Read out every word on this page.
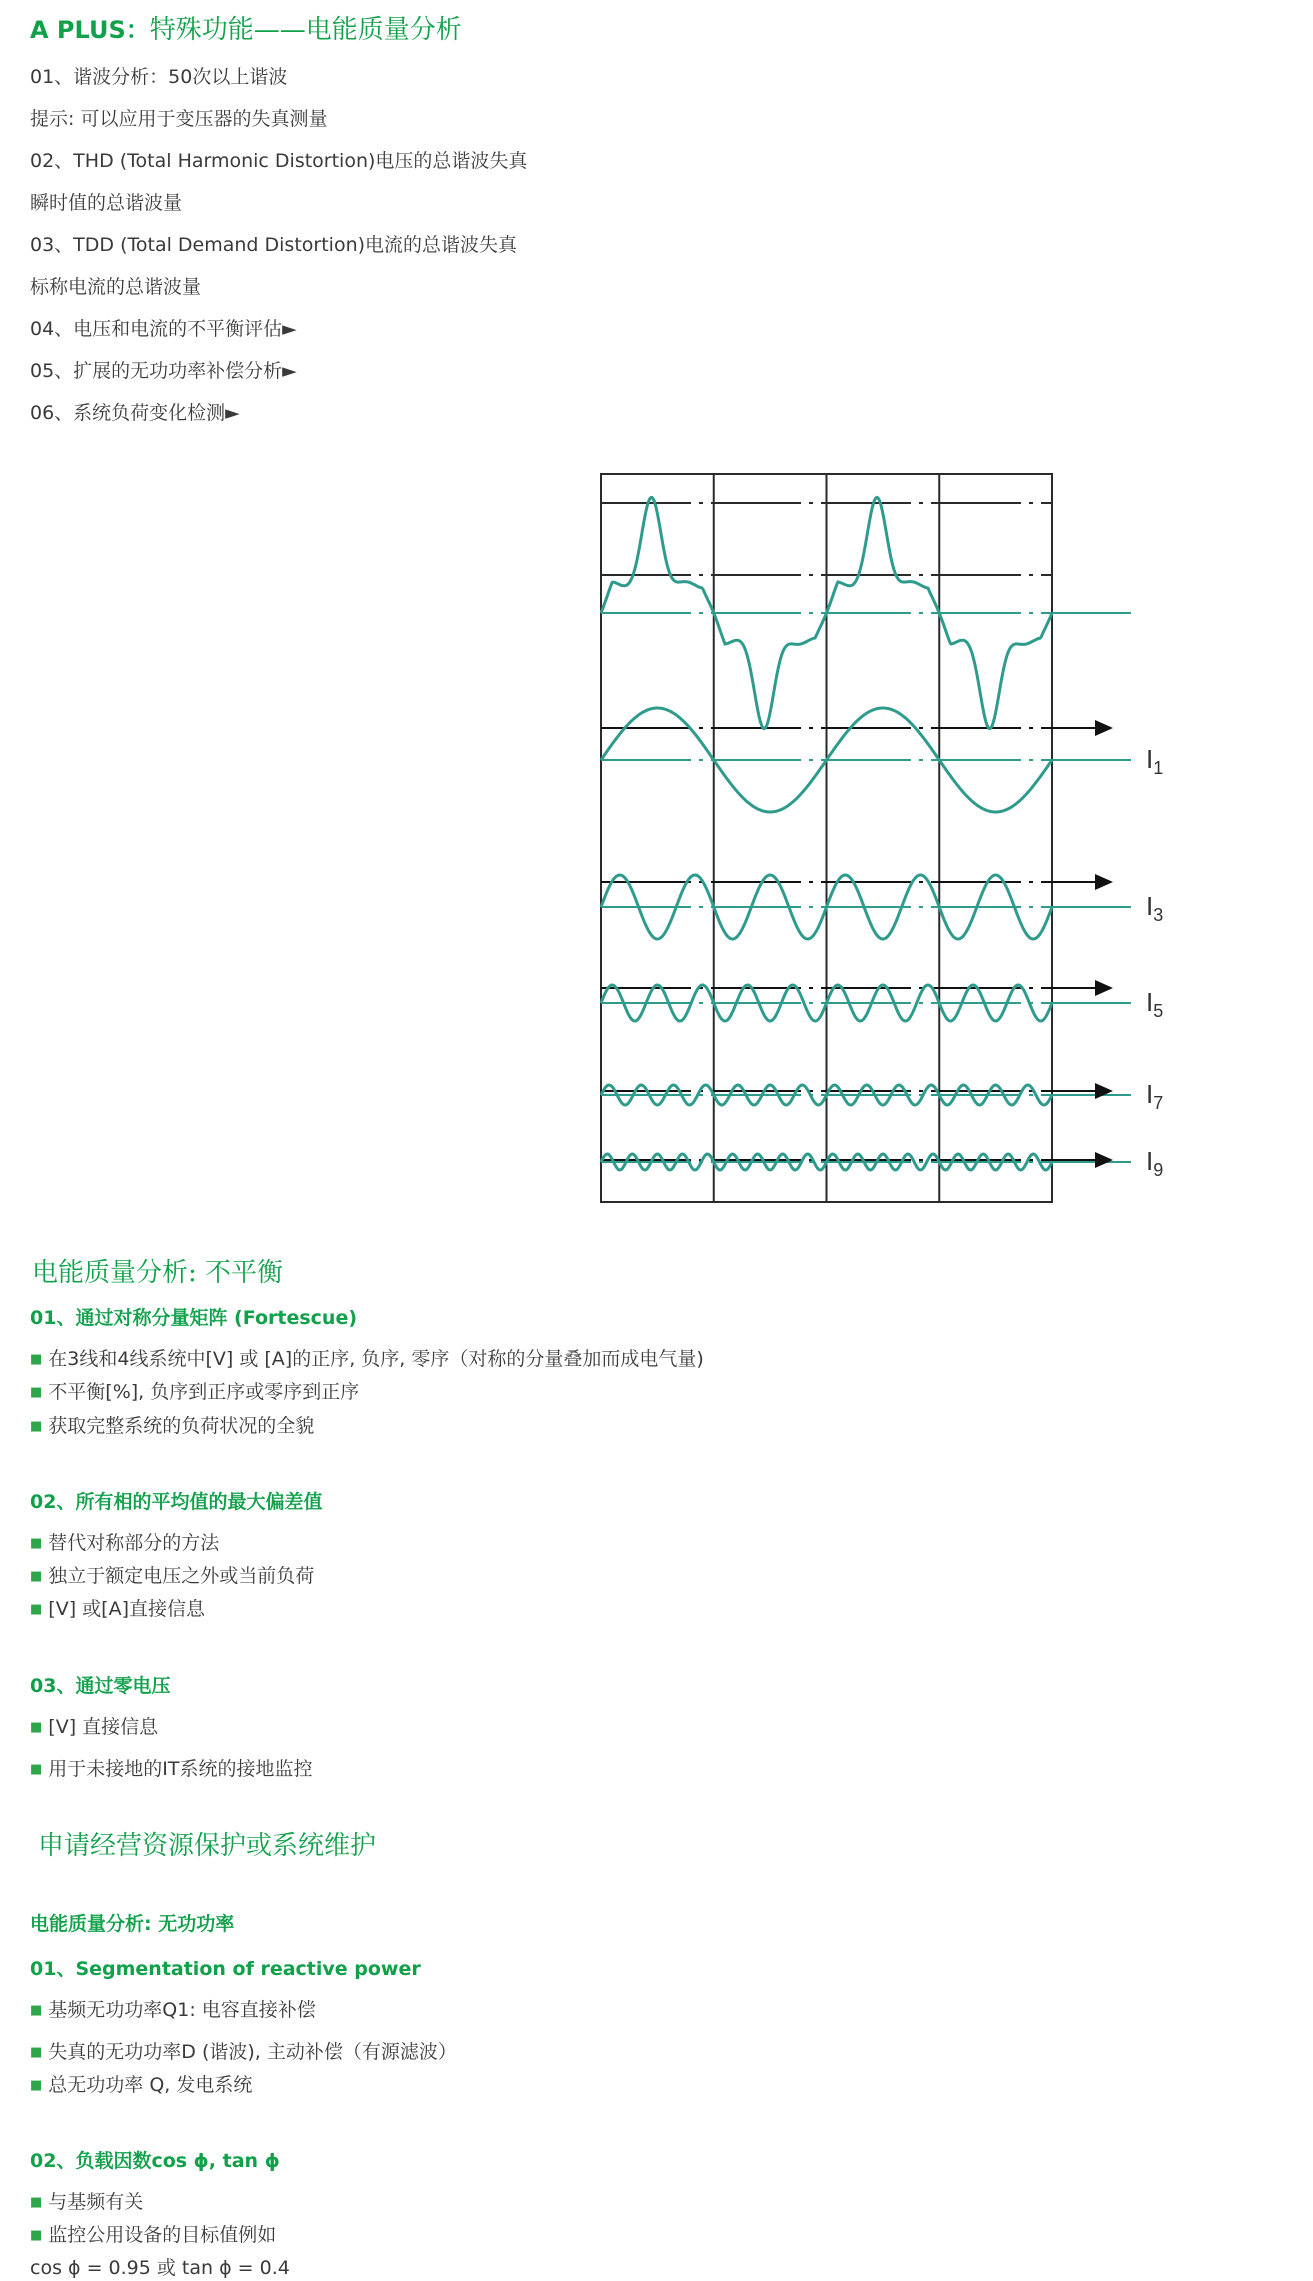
A PLUS：特殊功能——电能质量分析
01、谐波分析：50次以上谐波
提示: 可以应用于变压器的失真测量
02、THD (Total Harmonic Distortion)电压的总谐波失真
瞬时值的总谐波量
03、TDD (Total Demand Distortion)电流的总谐波失真
标称电流的总谐波量
04、电压和电流的不平衡评估►
05、扩展的无功功率补偿分析►
06、系统负荷变化检测►
$I_1$
$I_3$
$I_5$
$I_7$
$I_9$
电能质量分析: 不平衡
01、通过对称分量矩阵 (Fortescue)
■ 在3线和4线系统中[V] 或 [A]的正序, 负序, 零序（对称的分量叠加而成电气量)
■ 不平衡[%], 负序到正序或零序到正序
■ 获取完整系统的负荷状况的全貌
02、所有相的平均值的最大偏差值
■ 替代对称部分的方法
■ 独立于额定电压之外或当前负荷
■ [V] 或[A]直接信息
03、通过零电压
■ [V] 直接信息
■ 用于未接地的IT系统的接地监控
申请经营资源保护或系统维护
电能质量分析: 无功功率
01、Segmentation of reactive power
■ 基频无功功率Q1: 电容直接补偿
■ 失真的无功功率D (谐波), 主动补偿（有源滤波）
■ 总无功功率 Q, 发电系统
02、负载因数cos ϕ, tan ϕ
■ 与基频有关
■ 监控公用设备的目标值例如
cos ϕ = 0.95 或 tan ϕ = 0.4
